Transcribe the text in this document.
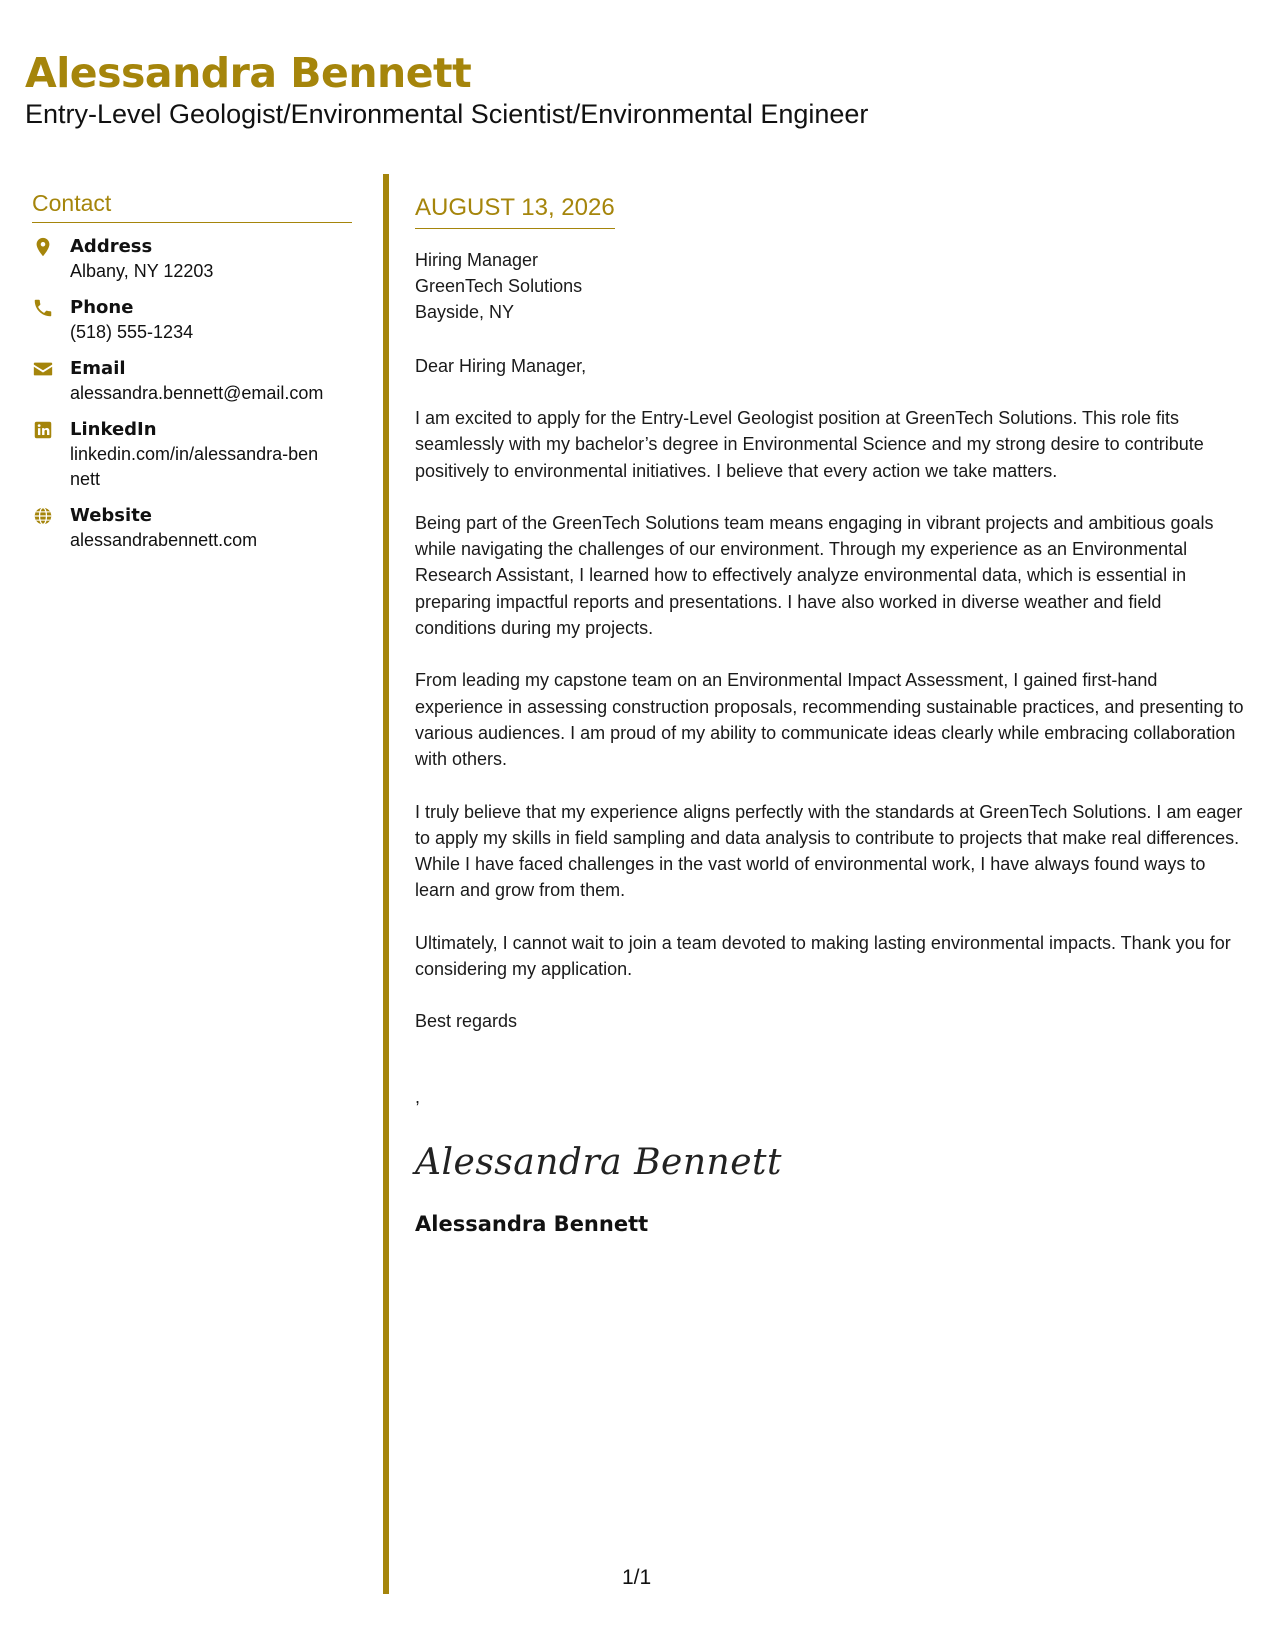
Alessandra Bennett

Entry-Level Geologist/Environmental Scientist/Environmental Engineer

Contact
Address
Albany, NY 12203
Phone
(518) 555-1234
Email
alessandra.bennett@email.com
LinkedIn
linkedin.com/in/alessandra-bennett
Website
alessandrabennett.com
AUGUST 13, 2026
Hiring Manager
GreenTech Solutions
Bayside, NY
Dear Hiring Manager,

I am excited to apply for the Entry-Level Geologist position at GreenTech Solutions. This role fits seamlessly with my bachelor’s degree in Environmental Science and my strong desire to contribute positively to environmental initiatives. I believe that every action we take matters.

Being part of the GreenTech Solutions team means engaging in vibrant projects and ambitious goals while navigating the challenges of our environment. Through my experience as an Environmental Research Assistant, I learned how to effectively analyze environmental data, which is essential in preparing impactful reports and presentations. I have also worked in diverse weather and field conditions during my projects.

From leading my capstone team on an Environmental Impact Assessment, I gained first-hand experience in assessing construction proposals, recommending sustainable practices, and presenting to various audiences. I am proud of my ability to communicate ideas clearly while embracing collaboration with others.

I truly believe that my experience aligns perfectly with the standards at GreenTech Solutions. I am eager to apply my skills in field sampling and data analysis to contribute to projects that make real differences. While I have faced challenges in the vast world of environmental work, I have always found ways to learn and grow from them.

Ultimately, I cannot wait to join a team devoted to making lasting environmental impacts. Thank you for considering my application.

Best regards
,
Alessandra Bennett
Alessandra Bennett
1/1
